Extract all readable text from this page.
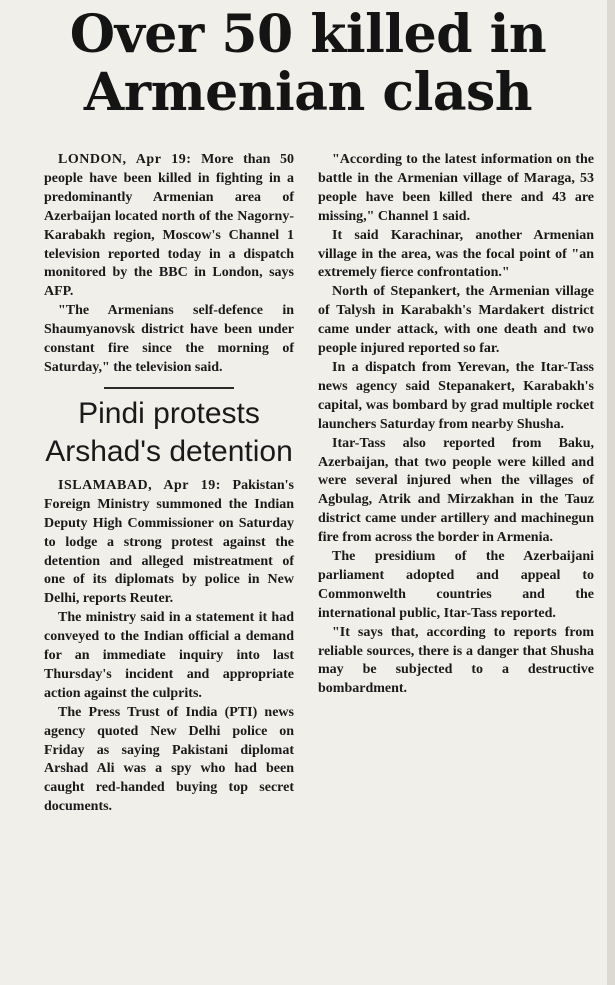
Over 50 killed in Armenian clash

LONDON, Apr 19: More than 50 people have been killed in fighting in a predominantly Armenian area of Azerbaijan located north of the Nagorny-Karabakh region, Moscow's Channel 1 television reported today in a dispatch monitored by the BBC in London, says AFP.

"The Armenians self-defence in Shaumyanovsk district have been under constant fire since the morning of Saturday," the television said.

Pindi protests Arshad's detention

ISLAMABAD, Apr 19: Pakistan's Foreign Ministry summoned the Indian Deputy High Commissioner on Saturday to lodge a strong protest against the detention and alleged mistreatment of one of its diplomats by police in New Delhi, reports Reuter.

The ministry said in a statement it had conveyed to the Indian official a demand for an immediate inquiry into last Thursday's incident and appropriate action against the culprits.

The Press Trust of India (PTI) news agency quoted New Delhi police on Friday as saying Pakistani diplomat Arshad Ali was a spy who had been caught red-handed buying top secret documents.

"According to the latest information on the battle in the Armenian village of Maraga, 53 people have been killed there and 43 are missing," Channel 1 said.

It said Karachinar, another Armenian village in the area, was the focal point of "an extremely fierce confrontation."

North of Stepankert, the Armenian village of Talysh in Karabakh's Mardakert district came under attack, with one death and two people injured reported so far.

In a dispatch from Yerevan, the Itar-Tass news agency said Stepanakert, Karabakh's capital, was bombard by grad multiple rocket launchers Saturday from nearby Shusha.

Itar-Tass also reported from Baku, Azerbaijan, that two people were killed and were several injured when the villages of Agbulag, Atrik and Mirzakhan in the Tauz district came under artillery and machinegun fire from across the border in Armenia.

The presidium of the Azerbaijani parliament adopted and appeal to Commonwelth countries and the international public, Itar-Tass reported.

"It says that, according to reports from reliable sources, there is a danger that Shusha may be subjected to a destructive bombardment.
